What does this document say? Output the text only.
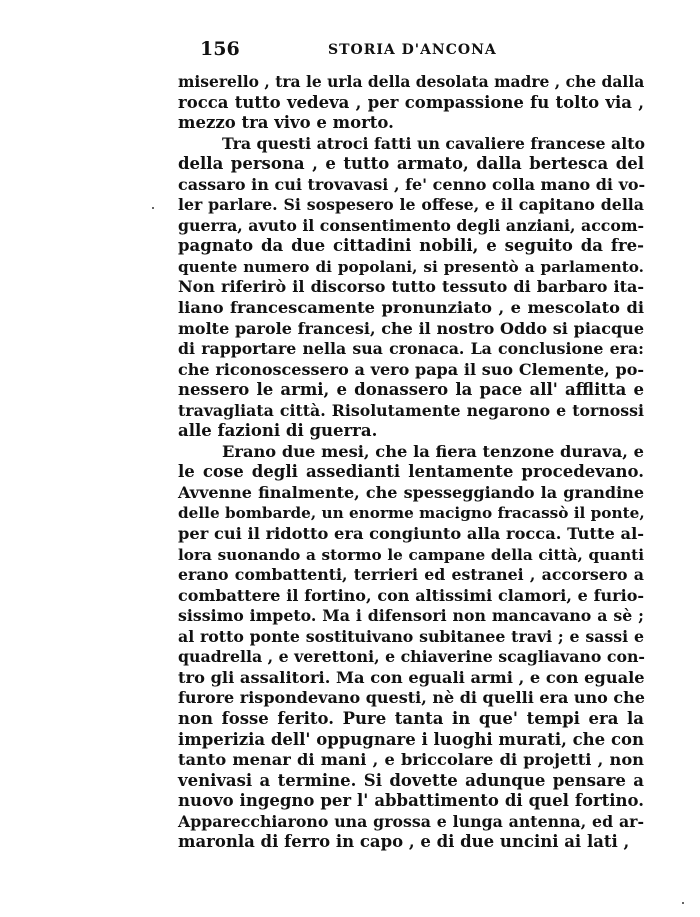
156	STORIA D'ANCONA
miserello , tra le urla della desolata madre , che dalla
rocca tutto vedeva , per compassione fu tolto via ,
mezzo tra vivo e morto.
Tra questi atroci fatti un cavaliere francese alto
della persona , e tutto armato, dalla bertesca del
cassaro in cui trovavasi , fe' cenno colla mano di vo-
ler parlare. Si sospesero le offese, e il capitano della
guerra, avuto il consentimento degli anziani, accom-
pagnato da due cittadini nobili, e seguito da fre-
quente numero di popolani, si presentò a parlamento.
Non riferirò il discorso tutto tessuto di barbaro ita-
liano francescamente pronunziato , e mescolato di
molte parole francesi, che il nostro Oddo si piacque
di rapportare nella sua cronaca. La conclusione era:
che riconoscessero a vero papa il suo Clemente, po-
nessero le armi, e donassero la pace all' afflitta e
travagliata città. Risolutamente negarono e tornossi
alle fazioni di guerra.
Erano due mesi, che la fiera tenzone durava, e
le cose degli assedianti lentamente procedevano.
Avvenne finalmente, che spesseggiando la grandine
delle bombarde, un enorme macigno fracassò il ponte,
per cui il ridotto era congiunto alla rocca. Tutte al-
lora suonando a stormo le campane della città, quanti
erano combattenti, terrieri ed estranei , accorsero a
combattere il fortino, con altissimi clamori, e furio-
sissimo impeto. Ma i difensori non mancavano a sè ;
al rotto ponte sostituivano subitanee travi ; e sassi e
quadrella , e verettoni, e chiaverine scagliavano con-
tro gli assalitori. Ma con eguali armi , e con eguale
furore rispondevano questi, nè di quelli era uno che
non fosse ferito. Pure tanta in que' tempi era la
imperizia dell' oppugnare i luoghi murati, che con
tanto menar di mani , e briccolare di projetti , non
venivasi a termine. Si dovette adunque pensare a
nuovo ingegno per l' abbattimento di quel fortino.
Apparecchiarono una grossa e lunga antenna, ed ar-
maronla di ferro in capo , e di due uncini ai lati ,
